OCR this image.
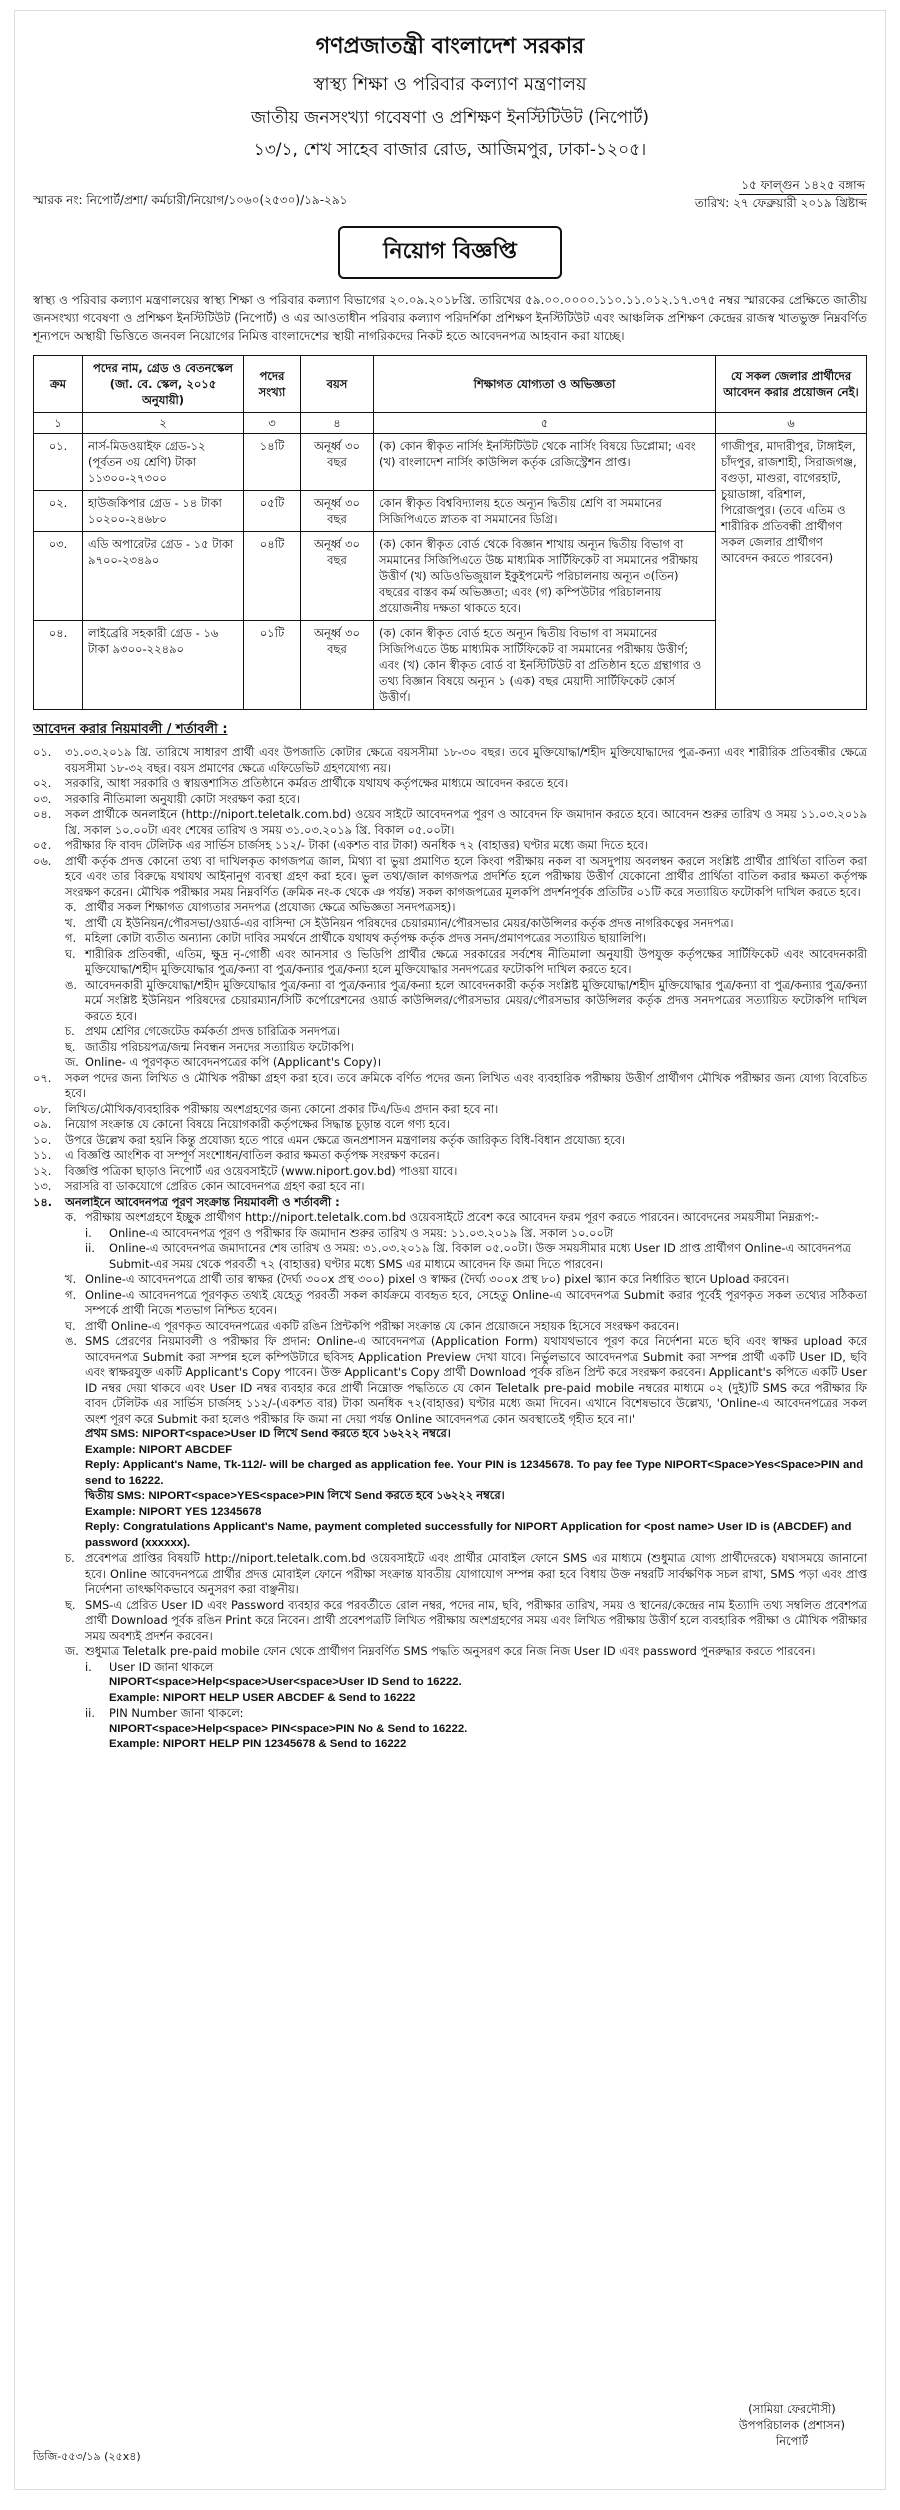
গণপ্রজাতন্ত্রী বাংলাদেশ সরকার
স্বাস্থ্য শিক্ষা ও পরিবার কল্যাণ মন্ত্রণালয়
জাতীয় জনসংখ্যা গবেষণা ও প্রশিক্ষণ ইনস্টিটিউট (নিপোর্ট)
১৩/১, শেখ সাহেব বাজার রোড, আজিমপুর, ঢাকা-১২০৫।
স্মারক নং: নিপোর্ট/প্রশা/ কর্মচারী/নিয়োগ/১০৬০(২৫৩০)/১৯-২৯১
১৫ ফাল্গুন ১৪২৫ বঙ্গাব্দ
তারিখ: ২৭ ফেব্রুয়ারী ২০১৯ খ্রিষ্টাব্দ
নিয়োগ বিজ্ঞপ্তি
স্বাস্থ্য ও পরিবার কল্যাণ মন্ত্রণালয়ের স্বাস্থ্য শিক্ষা ও পরিবার কল্যাণ বিভাগের ২০.০৯.২০১৮খ্রি. তারিখের ৫৯.০০.০০০০.১১০.১১.০১২.১৭.৩৭৫ নম্বর স্মারকের প্রেক্ষিতে জাতীয় জনসংখ্যা গবেষণা ও প্রশিক্ষণ ইনস্টিটিউট (নিপোর্ট) ও এর আওতাধীন পরিবার কল্যাণ পরিদর্শিকা প্রশিক্ষণ ইনস্টিটিউট এবং আঞ্চলিক প্রশিক্ষণ কেন্দ্রের রাজস্ব খাতভুক্ত নিম্নবর্ণিত শূন্যপদে অস্থায়ী ভিত্তিতে জনবল নিয়োগের নিমিত্ত বাংলাদেশের স্থায়ী নাগরিকদের নিকট হতে আবেদনপত্র আহবান করা যাচ্ছে।
ক্রম	পদের নাম, গ্রেড ও বেতনস্কেল (জা. বে. স্কেল, ২০১৫ অনুযায়ী)	পদের সংখ্যা	বয়স	শিক্ষাগত যোগ্যতা ও অভিজ্ঞতা	যে সকল জেলার প্রার্থীদের আবেদন করার প্রয়োজন নেই।
১	২	৩	৪	৫	৬
০১.	নার্স-মিডওয়াইফ গ্রেড-১২ (পূর্বতন ৩য় শ্রেণি) টাকা ১১৩০০-২৭৩০০	১৪টি	অনূর্ধ্ব ৩০ বছর	(ক) কোন স্বীকৃত নার্সিং ইনস্টিটিউট থেকে নার্সিং বিষয়ে ডিপ্লোমা; এবং (খ) বাংলাদেশ নার্সিং কাউন্সিল কর্তৃক রেজিস্ট্রেশন প্রাপ্ত।	গাজীপুর, মাদারীপুর, টাঙ্গাইল, চাঁদপুর, রাজশাহী, সিরাজগঞ্জ, বগুড়া, মাগুরা, বাগেরহাট, চুয়াডাঙ্গা, বরিশাল, পিরোজপুর। (তবে এতিম ও শারীরিক প্রতিবন্ধী প্রার্থীগণ সকল জেলার প্রার্থীগণ আবেদন করতে পারবেন)
০২.	হাউজকিপার গ্রেড - ১৪ টাকা ১০২০০-২৪৬৮০	০৫টি	অনূর্ধ্ব ৩০ বছর	কোন স্বীকৃত বিশ্ববিদ্যালয় হতে অন্যূন দ্বিতীয় শ্রেণি বা সমমানের সিজিপিএতে স্নাতক বা সমমানের ডিগ্রি।	
০৩.	এডি অপারেটর গ্রেড - ১৫ টাকা ৯৭০০-২৩৪৯০	০৪টি	অনূর্ধ্ব ৩০ বছর	(ক) কোন স্বীকৃত বোর্ড থেকে বিজ্ঞান শাখায় অন্যূন দ্বিতীয় বিভাগ বা সমমানের সিজিপিএতে উচ্চ মাধ্যমিক সার্টিফিকেট বা সমমানের পরীক্ষায় উত্তীর্ণ (খ) অডিওভিজুয়াল ইকুইপমেন্ট পরিচালনায় অন্যূন ৩(তিন) বছরের বাস্তব কর্ম অভিজ্ঞতা; এবং (গ) কম্পিউটার পরিচালনায় প্রয়োজনীয় দক্ষতা থাকতে হবে।	
০৪.	লাইব্রেরি সহকারী গ্রেড - ১৬ টাকা ৯৩০০-২২৪৯০	০১টি	অনূর্ধ্ব ৩০ বছর	(ক) কোন স্বীকৃত বোর্ড হতে অন্যূন দ্বিতীয় বিভাগ বা সমমানের সিজিপিএতে উচ্চ মাধ্যমিক সার্টিফিকেট বা সমমানের পরীক্ষায় উত্তীর্ণ; এবং (খ) কোন স্বীকৃত বোর্ড বা ইনস্টিটিউট বা প্রতিষ্ঠান হতে গ্রন্থাগার ও তথ্য বিজ্ঞান বিষয়ে অন্যূন ১ (এক) বছর মেয়াদী সার্টিফিকেট কোর্স উত্তীর্ণ।	
আবেদন করার নিয়মাবলী / শর্তাবলী :
০১.	৩১.০৩.২০১৯ খ্রি. তারিখে সাধারণ প্রার্থী এবং উপজাতি কোটার ক্ষেত্রে বয়সসীমা ১৮-৩০ বছর। তবে মুক্তিযোদ্ধা/শহীদ মুক্তিযোদ্ধাদের পুত্র-কন্যা এবং শারীরিক প্রতিবন্ধীর ক্ষেত্রে বয়সসীমা ১৮-৩২ বছর। বয়স প্রমাণের ক্ষেত্রে এফিডেভিট গ্রহণযোগ্য নয়।
০২.	সরকারি, আধা সরকারি ও স্বায়ত্তশাসিত প্রতিষ্ঠানে কর্মরত প্রার্থীকে যথাযথ কর্তৃপক্ষের মাধ্যমে আবেদন করতে হবে।
০৩.	সরকারি নীতিমালা অনুযায়ী কোটা সংরক্ষণ করা হবে।
০৪.	সকল প্রার্থীকে অনলাইনে (http://niport.teletalk.com.bd) ওয়েব সাইটে আবেদনপত্র পূরণ ও আবেদন ফি জমাদান করতে হবে। আবেদন শুরুর তারিখ ও সময় ১১.০৩.২০১৯ খ্রি. সকাল ১০.০০টা এবং শেষের তারিখ ও সময় ৩১.০৩.২০১৯ খ্রি. বিকাল ০৫.০০টা।
০৫.	পরীক্ষার ফি বাবদ টেলিটক এর সার্ভিস চার্জসহ ১১২/- টাকা (একশত বার টাকা) অনধিক ৭২ (বাহাত্তর) ঘণ্টার মধ্যে জমা দিতে হবে।
০৬.	প্রার্থী কর্তৃক প্রদত্ত কোনো তথ্য বা দাখিলকৃত কাগজপত্র জাল, মিথ্যা বা ভুয়া প্রমাণিত হলে কিংবা পরীক্ষায় নকল বা অসদুপায় অবলম্বন করলে সংশ্লিষ্ট প্রার্থীর প্রার্থিতা বাতিল করা হবে এবং তার বিরুদ্ধে যথাযথ আইনানুগ ব্যবস্থা গ্রহণ করা হবে। ভুল তথ্য/জাল কাগজপত্র প্রদর্শিত হলে পরীক্ষায় উত্তীর্ণ যেকোনো প্রার্থীর প্রার্থিতা বাতিল করার ক্ষমতা কর্তৃপক্ষ সংরক্ষণ করেন। মৌখিক পরীক্ষার সময় নিম্নবর্ণিত (ক্রমিক নং-ক থেকে ঞ পর্যন্ত) সকল কাগজপত্রের মূলকপি প্রদর্শনপূর্বক প্রতিটির ০১টি করে সত্যায়িত ফটোকপি দাখিল করতে হবে।
ক. প্রার্থীর সকল শিক্ষাগত যোগ্যতার সনদপত্র (প্রযোজ্য ক্ষেত্রে অভিজ্ঞতা সনদপত্রসহ)।
খ. প্রার্থী যে ইউনিয়ন/পৌরসভা/ওয়ার্ড-এর বাসিন্দা সে ইউনিয়ন পরিষদের চেয়ারম্যান/পৌরসভার মেয়র/কাউন্সিলর কর্তৃক প্রদত্ত নাগরিকত্বের সনদপত্র।
গ. মহিলা কোটা ব্যতীত অন্যান্য কোটা দাবির সমর্থনে প্রার্থীকে যথাযথ কর্তৃপক্ষ কর্তৃক প্রদত্ত সনদ/প্রমাণপত্রের সত্যায়িত ছায়ালিপি।
ঘ. শারীরিক প্রতিবন্ধী, এতিম, ক্ষুদ্র নৃ-গোষ্ঠী এবং আনসার ও ভিডিপি প্রার্থীর ক্ষেত্রে সরকারের সর্বশেষ নীতিমালা অনুযায়ী উপযুক্ত কর্তৃপক্ষের সার্টিফিকেট এবং আবেদনকারী মুক্তিযোদ্ধা/শহীদ মুক্তিযোদ্ধার পুত্র/কন্যা বা পুত্র/কন্যার পুত্র/কন্যা হলে মুক্তিযোদ্ধার সনদপত্রের ফটোকপি দাখিল করতে হবে।
ঙ. আবেদনকারী মুক্তিযোদ্ধা/শহীদ মুক্তিযোদ্ধার পুত্র/কন্যা বা পুত্র/কন্যার পুত্র/কন্যা হলে আবেদনকারী কর্তৃক সংশ্লিষ্ট মুক্তিযোদ্ধা/শহীদ মুক্তিযোদ্ধার পুত্র/কন্যা বা পুত্র/কন্যার পুত্র/কন্যা মর্মে সংশ্লিষ্ট ইউনিয়ন পরিষদের চেয়ারম্যান/সিটি কর্পোরেশনের ওয়ার্ড কাউন্সিলর/পৌরসভার মেয়র/পৌরসভার কাউন্সিলর কর্তৃক প্রদত্ত সনদপত্রের সত্যায়িত ফটোকপি দাখিল করতে হবে।
চ. প্রথম শ্রেণির গেজেটেড কর্মকর্তা প্রদত্ত চারিত্রিক সনদপত্র।
ছ. জাতীয় পরিচয়পত্র/জন্ম নিবন্ধন সনদের সত্যায়িত ফটোকপি।
জ. Online- এ পূরণকৃত আবেদনপত্রের কপি (Applicant's Copy)।
০৭.	সকল পদের জন্য লিখিত ও মৌখিক পরীক্ষা গ্রহণ করা হবে। তবে ক্রমিকে বর্ণিত পদের জন্য লিখিত এবং ব্যবহারিক পরীক্ষায় উত্তীর্ণ প্রার্থীগণ মৌখিক পরীক্ষার জন্য যোগ্য বিবেচিত হবে।
০৮.	লিখিত/মৌখিক/ব্যবহারিক পরীক্ষায় অংশগ্রহণের জন্য কোনো প্রকার টিএ/ডিএ প্রদান করা হবে না।
০৯.	নিয়োগ সংক্রান্ত যে কোনো বিষয়ে নিয়োগকারী কর্তৃপক্ষের সিদ্ধান্ত চূড়ান্ত বলে গণ্য হবে।
১০.	উপরে উল্লেখ করা হয়নি কিন্তু প্রযোজ্য হতে পারে এমন ক্ষেত্রে জনপ্রশাসন মন্ত্রণালয় কর্তৃক জারিকৃত বিধি-বিধান প্রযোজ্য হবে।
১১.	এ বিজ্ঞপ্তি আংশিক বা সম্পূর্ণ সংশোধন/বাতিল করার ক্ষমতা কর্তৃপক্ষ সংরক্ষণ করেন।
১২.	বিজ্ঞপ্তি পত্রিকা ছাড়াও নিপোর্ট এর ওয়েবসাইটে (www.niport.gov.bd) পাওয়া যাবে।
১৩.	সরাসরি বা ডাকযোগে প্রেরিত কোন আবেদনপত্র গ্রহণ করা হবে না।
১৪.	অনলাইনে আবেদনপত্র পূরণ সংক্রান্ত নিয়মাবলী ও শর্তাবলী :
ক. পরীক্ষায় অংশগ্রহণে ইচ্ছুক প্রার্থীগণ http://niport.teletalk.com.bd ওয়েবসাইটে প্রবেশ করে আবেদন ফরম পূরণ করতে পারবেন। আবেদনের সময়সীমা নিম্নরূপ:-
i.	Online-এ আবেদনপত্র পূরণ ও পরীক্ষার ফি জমাদান শুরুর তারিখ ও সময়: ১১.০৩.২০১৯ খ্রি. সকাল ১০.০০টা
ii.	Online-এ আবেদনপত্র জমাদানের শেষ তারিখ ও সময়: ৩১.০৩.২০১৯ খ্রি. বিকাল ০৫.০০টা। উক্ত সময়সীমার মধ্যে User ID প্রাপ্ত প্রার্থীগণ Online-এ আবেদনপত্র Submit-এর সময় থেকে পরবর্তী ৭২ (বাহাত্তর) ঘণ্টার মধ্যে SMS এর মাধ্যমে আবেদন ফি জমা দিতে পারবেন।
খ. Online-এ আবেদনপত্রে প্রার্থী তার স্বাক্ষর (দৈর্ঘ্য ৩০০x প্রস্থ ৩০০) pixel ও স্বাক্ষর (দৈর্ঘ্য ৩০০x প্রস্থ ৮০) pixel স্ক্যান করে নির্ধারিত স্থানে Upload করবেন।
গ. Online-এ আবেদনপত্রে পূরণকৃত তথ্যই যেহেতু পরবর্তী সকল কার্যক্রমে ব্যবহৃত হবে, সেহেতু Online-এ আবেদনপত্র Submit করার পূর্বেই পূরণকৃত সকল তথ্যের সঠিকতা সম্পর্কে প্রার্থী নিজে শতভাগ নিশ্চিত হবেন।
ঘ. প্রার্থী Online-এ পূরণকৃত আবেদনপত্রের একটি রঙিন প্রিন্টকপি পরীক্ষা সংক্রান্ত যে কোন প্রয়োজনে সহায়ক হিসেবে সংরক্ষণ করবেন।
ঙ. SMS প্রেরণের নিয়মাবলী ও পরীক্ষার ফি প্রদান: Online-এ আবেদনপত্র (Application Form) যথাযথভাবে পূরণ করে নির্দেশনা মতে ছবি এবং স্বাক্ষর upload করে আবেদনপত্র Submit করা সম্পন্ন হলে কম্পিউটারে ছবিসহ Application Preview দেখা যাবে। নির্ভুলভাবে আবেদনপত্র Submit করা সম্পন্ন প্রার্থী একটি User ID, ছবি এবং স্বাক্ষরযুক্ত একটি Applicant's Copy পাবেন। উক্ত Applicant's Copy প্রার্থী Download পূর্বক রঙিন প্রিন্ট করে সংরক্ষণ করবেন। Applicant's কপিতে একটি User ID নম্বর দেয়া থাকবে এবং User ID নম্বর ব্যবহার করে প্রার্থী নিম্নোক্ত পদ্ধতিতে যে কোন Teletalk pre-paid mobile নম্বরের মাধ্যমে ০২ (দুই)টি SMS করে পরীক্ষার ফি বাবদ টেলিটক এর সার্ভিস চার্জসহ ১১২/-(একশত বার) টাকা অনধিক ৭২(বাহাত্তর) ঘণ্টার মধ্যে জমা দিবেন। এখানে বিশেষভাবে উল্লেখ্য, 'Online-এ আবেদনপত্রের সকল অংশ পূরণ করে Submit করা হলেও পরীক্ষার ফি জমা না দেয়া পর্যন্ত Online আবেদনপত্র কোন অবস্থাতেই গৃহীত হবে না।'
প্রথম SMS: NIPORT<space>User ID লিখে Send করতে হবে ১৬২২২ নম্বরে।
Example: NIPORT ABCDEF
Reply: Applicant's Name, Tk-112/- will be charged as application fee. Your PIN is 12345678. To pay fee Type NIPORT<Space>Yes<Space>PIN and send to 16222.
দ্বিতীয় SMS: NIPORT<space>YES<space>PIN লিখে Send করতে হবে ১৬২২২ নম্বরে।
Example: NIPORT YES 12345678
Reply: Congratulations Applicant's Name, payment completed successfully for NIPORT Application for <post name> User ID is (ABCDEF) and password (xxxxxx).
চ. প্রবেশপত্র প্রাপ্তির বিষয়টি http://niport.teletalk.com.bd ওয়েবসাইটে এবং প্রার্থীর মোবাইল ফোনে SMS এর মাধ্যমে (শুধুমাত্র যোগ্য প্রার্থীদেরকে) যথাসময়ে জানানো হবে। Online আবেদনপত্রে প্রার্থীর প্রদত্ত মোবাইল ফোনে পরীক্ষা সংক্রান্ত যাবতীয় যোগাযোগ সম্পন্ন করা হবে বিধায় উক্ত নম্বরটি সার্বক্ষণিক সচল রাখা, SMS পড়া এবং প্রাপ্ত নির্দেশনা তাৎক্ষণিকভাবে অনুসরণ করা বাঞ্ছনীয়।
ছ. SMS-এ প্রেরিত User ID এবং Password ব্যবহার করে পরবর্তীতে রোল নম্বর, পদের নাম, ছবি, পরীক্ষার তারিখ, সময় ও স্থানের/কেন্দ্রের নাম ইত্যাদি তথ্য সম্বলিত প্রবেশপত্র প্রার্থী Download পূর্বক রঙিন Print করে নিবেন। প্রার্থী প্রবেশপত্রটি লিখিত পরীক্ষায় অংশগ্রহণের সময় এবং লিখিত পরীক্ষায় উত্তীর্ণ হলে ব্যবহারিক পরীক্ষা ও মৌখিক পরীক্ষার সময় অবশ্যই প্রদর্শন করবেন।
জ. শুধুমাত্র Teletalk pre-paid mobile ফোন থেকে প্রার্থীগণ নিম্নবর্ণিত SMS পদ্ধতি অনুসরণ করে নিজ নিজ User ID এবং password পুনরুদ্ধার করতে পারবেন।
i.	User ID জানা থাকলে
NIPORT<space>Help<space>User<space>User ID Send to 16222.
Example: NIPORT HELP USER ABCDEF & Send to 16222
ii.	PIN Number জানা থাকলে:
NIPORT<space>Help<space> PIN<space>PIN No & Send to 16222.
Example: NIPORT HELP PIN 12345678 & Send to 16222
(সামিয়া ফেরদৌসী)
উপপরিচালক (প্রশাসন)
নিপোর্ট
ডিজি-৫৫৩/১৯ (২৫x৪)
